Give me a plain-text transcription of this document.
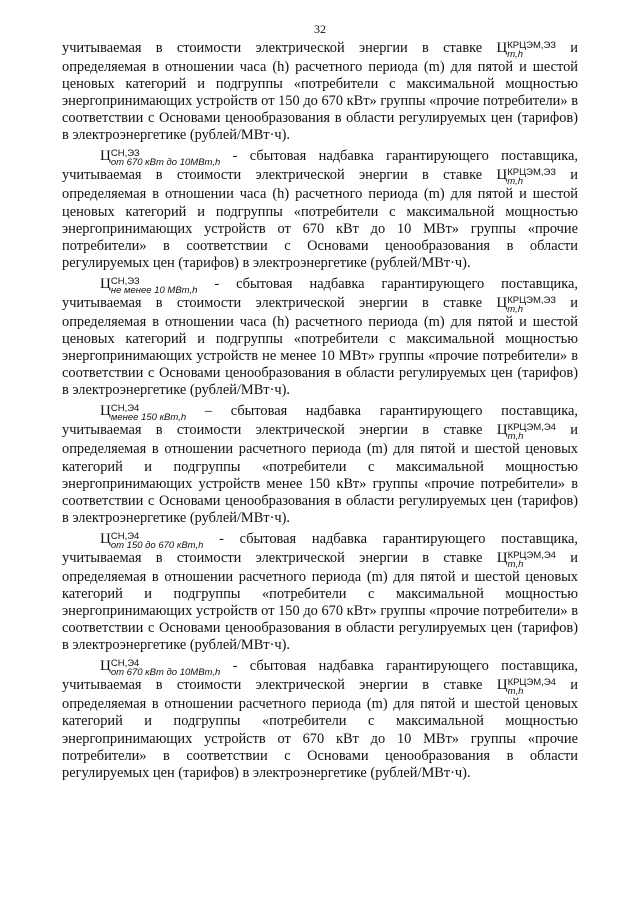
32

учитываемая в стоимости электрической энергии в ставке Ц КРЦЭМ,ЭЗ
m,h	и определяемая в отношении часа (h) расчетного периода (m) для пятой и шестой ценовых категорий и подгруппы «потребители с максимальной мощностью энергопринимающих устройств от 150 до 670 кВт» группы «прочие потребители» в соответствии с Основами ценообразования в области регулируемых цен (тарифов) в электроэнергетике (рублей/МВт·ч).

Ц СН,ЭЗ
от 670 кВт до 10МВт,h - сбытовая надбавка гарантирующего поставщика, учитываемая в стоимости электрической энергии в ставке Ц КРЦЭМ,ЭЗ
m,h	и определяемая в отношении часа (h) расчетного периода (m) для пятой и шестой ценовых категорий и подгруппы «потребители с максимальной мощностью энергопринимающих устройств от 670 кВт до 10 МВт» группы «прочие потребители» в соответствии с Основами ценообразования в области регулируемых цен (тарифов) в электроэнергетике (рублей/МВт·ч).

Ц СН,ЭЗ
не менее 10 МВт,h - сбытовая надбавка гарантирующего поставщика, учитываемая в стоимости электрической энергии в ставке Ц КРЦЭМ,ЭЗ
m,h	и определяемая в отношении часа (h) расчетного периода (m) для пятой и шестой ценовых категорий и подгруппы «потребители с максимальной мощностью энергопринимающих устройств не менее 10 МВт» группы «прочие потребители» в соответствии с Основами ценообразования в области регулируемых цен (тарифов) в электроэнергетике (рублей/МВт·ч).

Ц СН,Э4
менее 150 кВт,h – сбытовая надбавка гарантирующего поставщика, учитываемая в стоимости электрической энергии в ставке Ц КРЦЭМ,Э4
m,h	и определяемая в отношении расчетного периода (m) для пятой и шестой ценовых категорий и подгруппы «потребители с максимальной мощностью энергопринимающих устройств менее 150 кВт» группы «прочие потребители» в соответствии с Основами ценообразования в области регулируемых цен (тарифов) в электроэнергетике (рублей/МВт·ч).

Ц СН,Э4
от 150 до 670 кВт,h - сбытовая надбавка гарантирующего поставщика, учитываемая в стоимости электрической энергии в ставке Ц КРЦЭМ,Э4
m,h	и определяемая в отношении расчетного периода (m) для пятой и шестой ценовых категорий и подгруппы «потребители с максимальной мощностью энергопринимающих устройств от 150 до 670 кВт» группы «прочие потребители» в соответствии с Основами ценообразования в области регулируемых цен (тарифов) в электроэнергетике (рублей/МВт·ч).

Ц СН,Э4
от 670 кВт до 10МВт,h - сбытовая надбавка гарантирующего поставщика, учитываемая в стоимости электрической энергии в ставке Ц КРЦЭМ,Э4
m,h	и определяемая в отношении расчетного периода (m) для пятой и шестой ценовых категорий и подгруппы «потребители с максимальной мощностью энергопринимающих устройств от 670 кВт до 10 МВт» группы «прочие потребители» в соответствии с Основами ценообразования в области регулируемых цен (тарифов) в электроэнергетике (рублей/МВт·ч).
